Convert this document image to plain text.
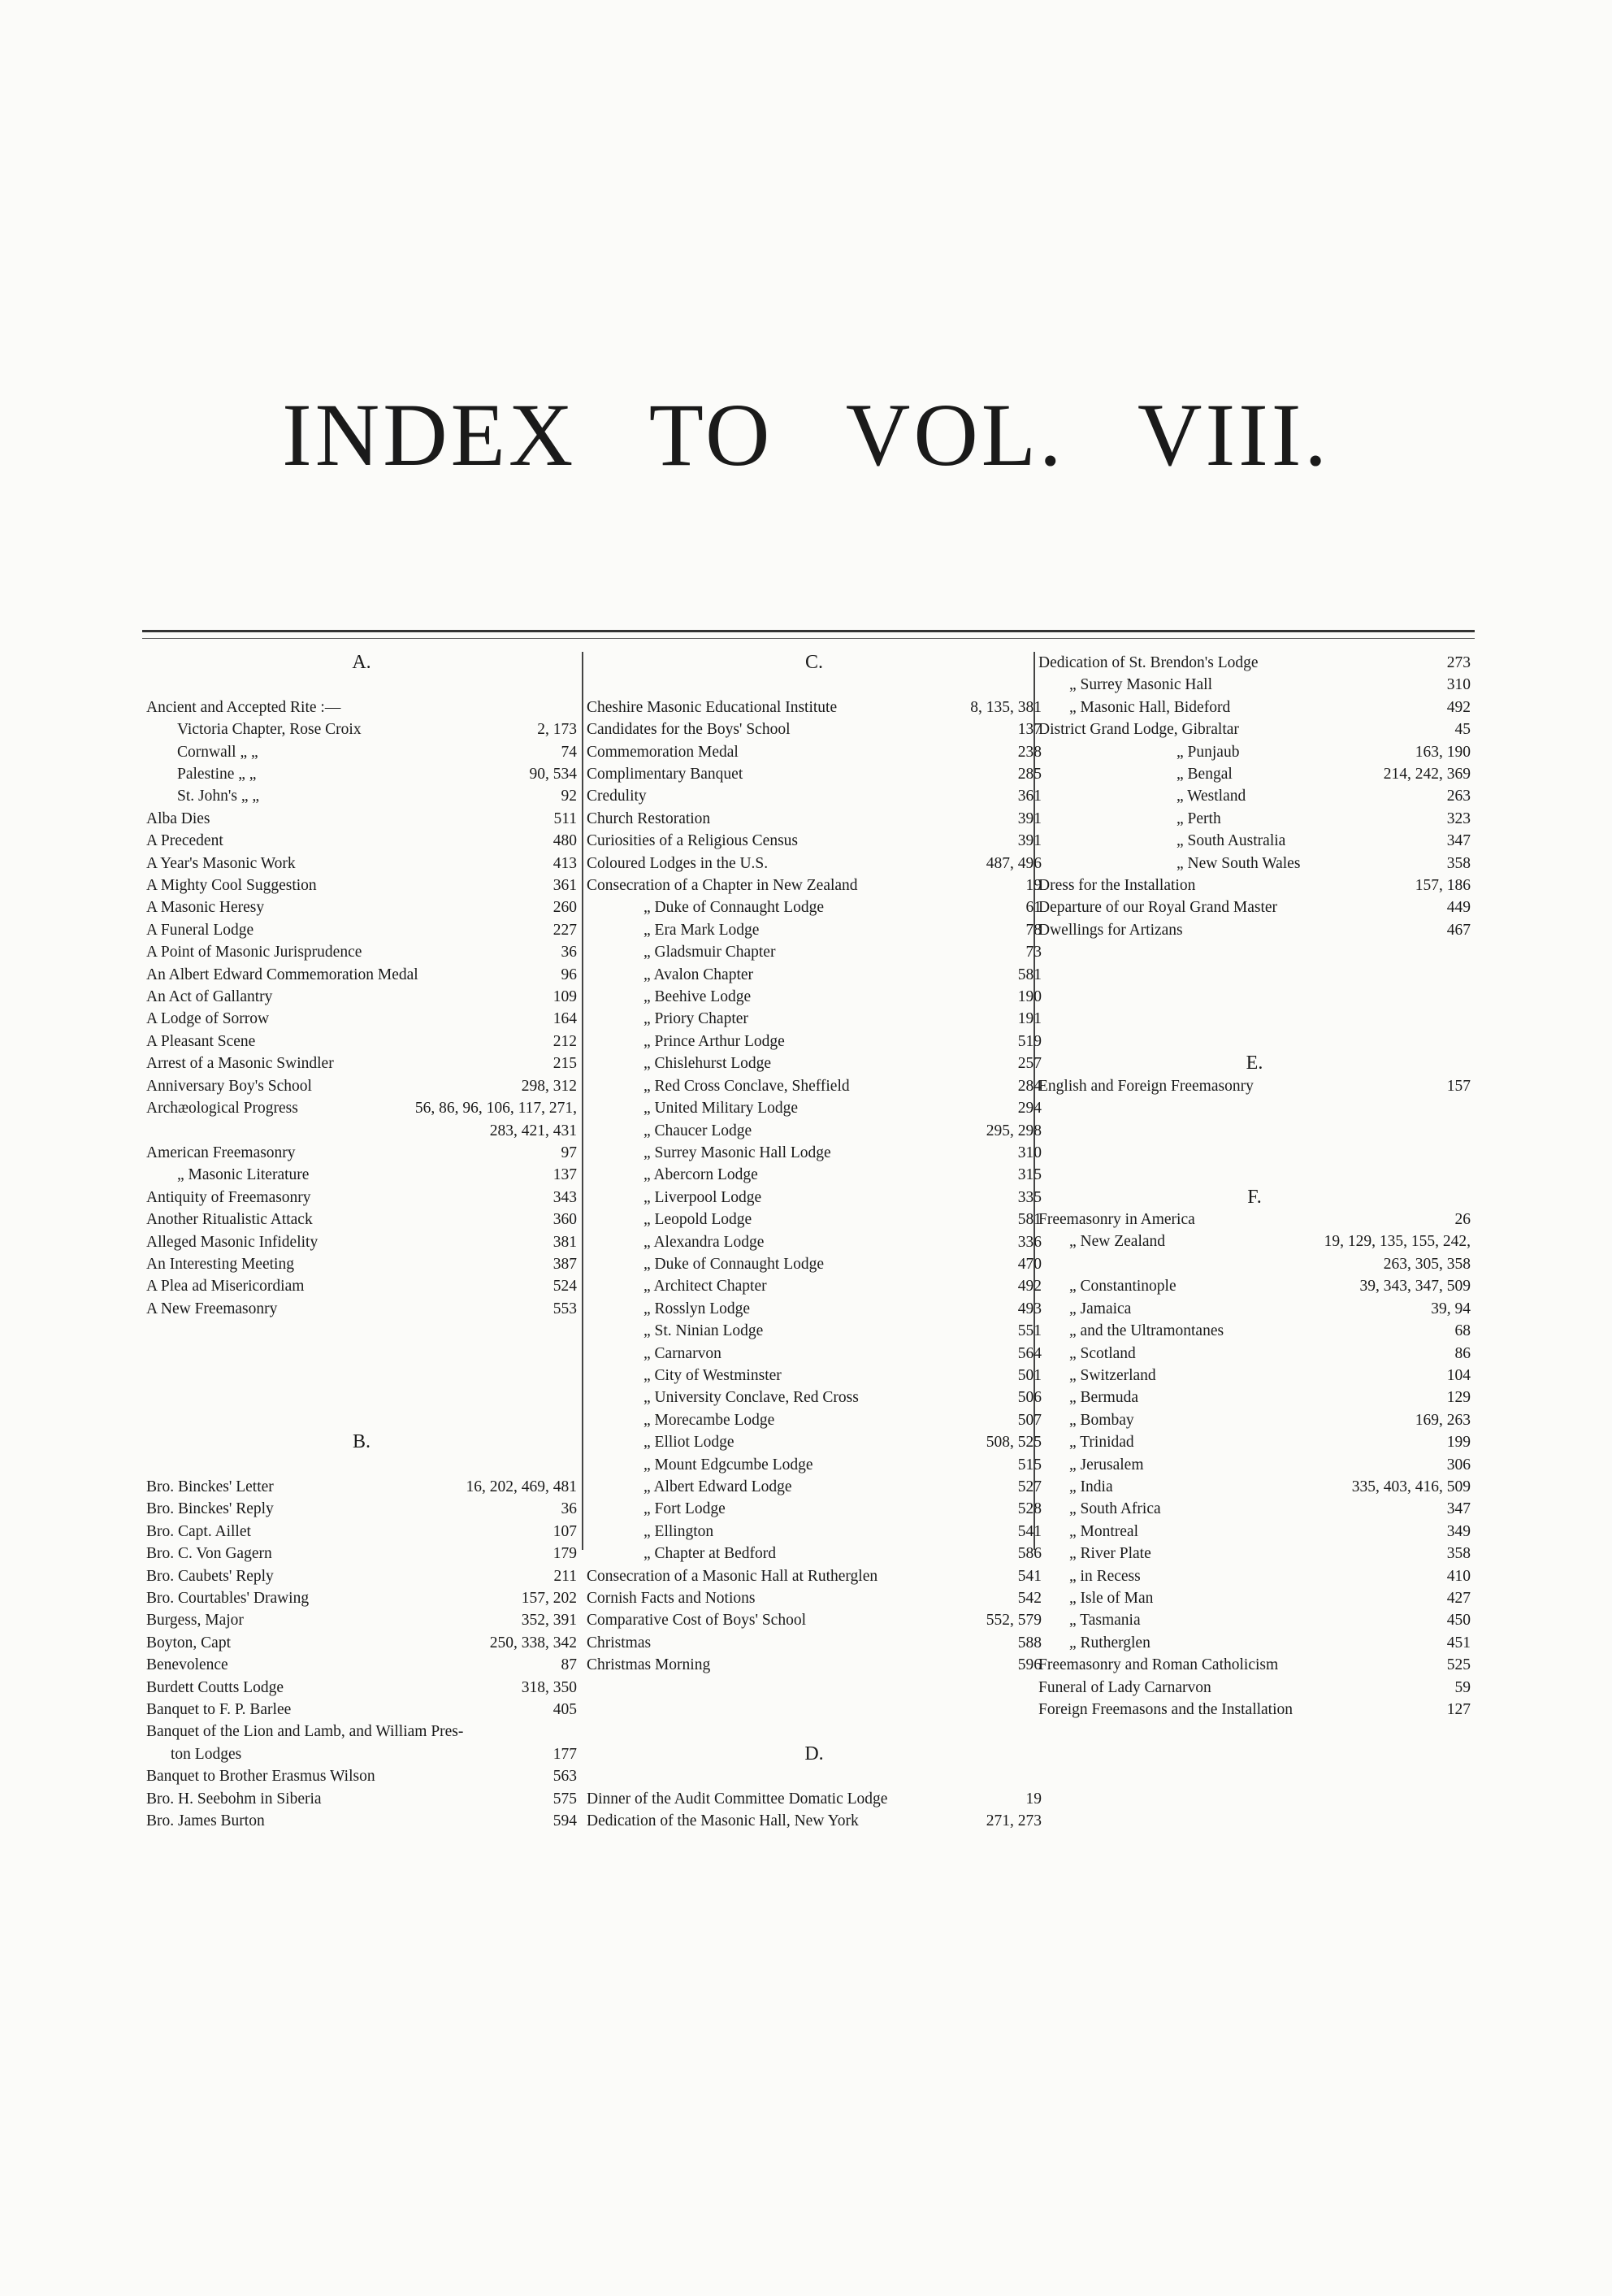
INDEX TO VOL. VIII.
A.
Ancient and Accepted Rite :—
Victoria Chapter, Rose Croix	2, 173
Cornwall „ „	74
Palestine „ „	90, 534
St. John's „ „	92
Alba Dies	511
A Precedent	480
A Year's Masonic Work	413
A Mighty Cool Suggestion	361
A Masonic Heresy	260
A Funeral Lodge	227
A Point of Masonic Jurisprudence	36
An Albert Edward Commemoration Medal	96
An Act of Gallantry	109
A Lodge of Sorrow	164
A Pleasant Scene	212
Arrest of a Masonic Swindler	215
Anniversary Boy's School	298, 312
Archæological Progress	56, 86, 96, 106, 117, 271,
283, 421, 431
American Freemasonry	97
„ Masonic Literature	137
Antiquity of Freemasonry	343
Another Ritualistic Attack	360
Alleged Masonic Infidelity	381
An Interesting Meeting	387
A Plea ad Misericordiam	524
A New Freemasonry	553
B.
Bro. Binckes' Letter	16, 202, 469, 481
Bro. Binckes' Reply	36
Bro. Capt. Aillet	107
Bro. C. Von Gagern	179
Bro. Caubets' Reply	211
Bro. Courtables' Drawing	157, 202
Burgess, Major	352, 391
Boyton, Capt	250, 338, 342
Benevolence	87
Burdett Coutts Lodge	318, 350
Banquet to F. P. Barlee	405
Banquet of the Lion and Lamb, and William Pres-
ton Lodges	177
Banquet to Brother Erasmus Wilson	563
Bro. H. Seebohm in Siberia	575
Bro. James Burton	594
C.
Cheshire Masonic Educational Institute	8, 135, 381
Candidates for the Boys' School	137
Commemoration Medal	238
Complimentary Banquet	285
Credulity	361
Church Restoration	391
Curiosities of a Religious Census	391
Coloured Lodges in the U.S.	487, 496
Consecration of a Chapter in New Zealand	19
„ Duke of Connaught Lodge	61
„ Era Mark Lodge	78
„ Gladsmuir Chapter	73
„ Avalon Chapter	581
„ Beehive Lodge	190
„ Priory Chapter	191
„ Prince Arthur Lodge	519
„ Chislehurst Lodge	257
„ Red Cross Conclave, Sheffield	284
„ United Military Lodge	294
„ Chaucer Lodge	295, 298
„ Surrey Masonic Hall Lodge	310
„ Abercorn Lodge	315
„ Liverpool Lodge	335
„ Leopold Lodge	581
„ Alexandra Lodge	336
„ Duke of Connaught Lodge	470
„ Architect Chapter	492
„ Rosslyn Lodge	493
„ St. Ninian Lodge	551
„ Carnarvon	564
„ City of Westminster	501
„ University Conclave, Red Cross	506
„ Morecambe Lodge	507
„ Elliot Lodge	508, 525
„ Mount Edgcumbe Lodge	515
„ Albert Edward Lodge	527
„ Fort Lodge	528
„ Ellington	541
„ Chapter at Bedford	586
Consecration of a Masonic Hall at Rutherglen	541
Cornish Facts and Notions	542
Comparative Cost of Boys' School	552, 579
Christmas	588
Christmas Morning	596
D.
Dinner of the Audit Committee Domatic Lodge	19
Dedication of the Masonic Hall, New York	271, 273
Dedication of St. Brendon's Lodge	273
„ Surrey Masonic Hall	310
„ Masonic Hall, Bideford	492
District Grand Lodge, Gibraltar	45
„ Punjaub	163, 190
„ Bengal	214, 242, 369
„ Westland	263
„ Perth	323
„ South Australia	347
„ New South Wales	358
Dress for the Installation	157, 186
Departure of our Royal Grand Master	449
Dwellings for Artizans	467
E.
English and Foreign Freemasonry	157
F.
Freemasonry in America	26
„ New Zealand	19, 129, 135, 155, 242,
263, 305, 358
„ Constantinople	39, 343, 347, 509
„ Jamaica	39, 94
„ and the Ultramontanes	68
„ Scotland	86
„ Switzerland	104
„ Bermuda	129
„ Bombay	169, 263
„ Trinidad	199
„ Jerusalem	306
„ India	335, 403, 416, 509
„ South Africa	347
„ Montreal	349
„ River Plate	358
„ in Recess	410
„ Isle of Man	427
„ Tasmania	450
„ Rutherglen	451
Freemasonry and Roman Catholicism	525
Funeral of Lady Carnarvon	59
Foreign Freemasons and the Installation	127
